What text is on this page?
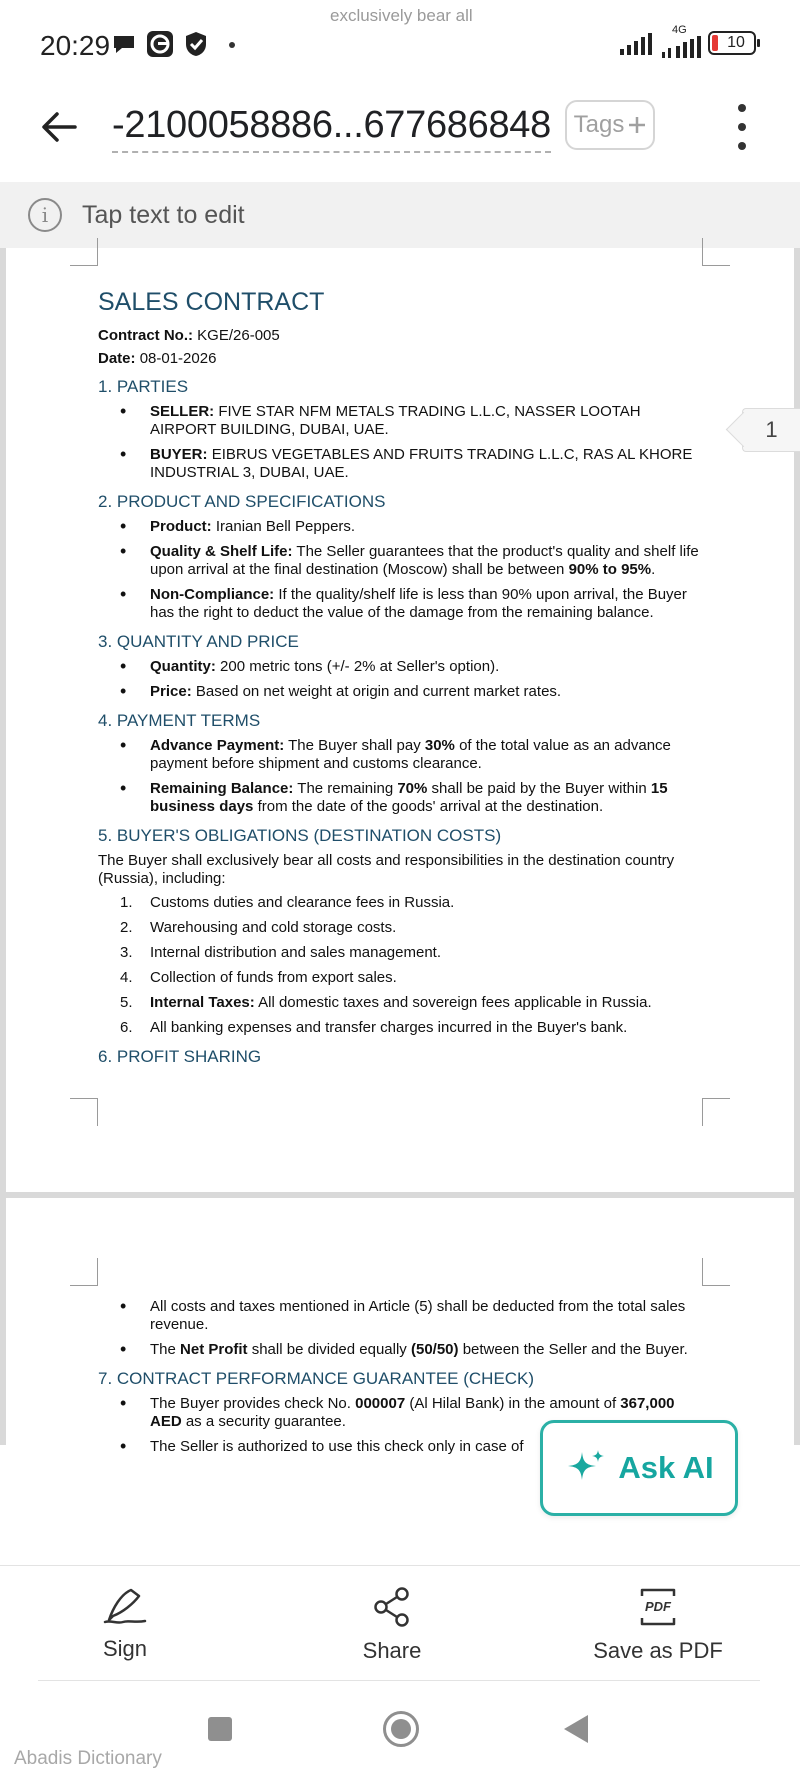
exclusively bear all
20:29	4G
10
-2100058886...677686848 Tags
i	Tap text to edit
SALES CONTRACT
Contract No.: KGE/26-005
Date: 08-01-2026
1. PARTIES
• SELLER: FIVE STAR NFM METALS TRADING L.L.C, NASSER LOOTAH AIRPORT BUILDING, DUBAI, UAE.
• BUYER: EIBRUS VEGETABLES AND FRUITS TRADING L.L.C, RAS AL KHORE INDUSTRIAL 3, DUBAI, UAE.
2. PRODUCT AND SPECIFICATIONS
• Product: Iranian Bell Peppers.
• Quality & Shelf Life: The Seller guarantees that the product's quality and shelf life upon arrival at the final destination (Moscow) shall be between 90% to 95%.
• Non-Compliance: If the quality/shelf life is less than 90% upon arrival, the Buyer has the right to deduct the value of the damage from the remaining balance.
3. QUANTITY AND PRICE
• Quantity: 200 metric tons (+/- 2% at Seller's option).
• Price: Based on net weight at origin and current market rates.
4. PAYMENT TERMS
• Advance Payment: The Buyer shall pay 30% of the total value as an advance payment before shipment and customs clearance.
• Remaining Balance: The remaining 70% shall be paid by the Buyer within 15 business days from the date of the goods' arrival at the destination.
5. BUYER'S OBLIGATIONS (DESTINATION COSTS)
The Buyer shall exclusively bear all costs and responsibilities in the destination country (Russia), including:
1. Customs duties and clearance fees in Russia.
2. Warehousing and cold storage costs.
3. Internal distribution and sales management.
4. Collection of funds from export sales.
5. Internal Taxes: All domestic taxes and sovereign fees applicable in Russia.
6. All banking expenses and transfer charges incurred in the Buyer's bank.
6. PROFIT SHARING
• All costs and taxes mentioned in Article (5) shall be deducted from the total sales revenue.
• The Net Profit shall be divided equally (50/50) between the Seller and the Buyer.
7. CONTRACT PERFORMANCE GUARANTEE (CHECK)
• The Buyer provides check No. 000007 (Al Hilal Bank) in the amount of 367,000 AED as a security guarantee.
• The Seller is authorized to use this check only in case of
1
Ask AI
Sign	Share
PDF
Save as PDF
Abadis Dictionary
